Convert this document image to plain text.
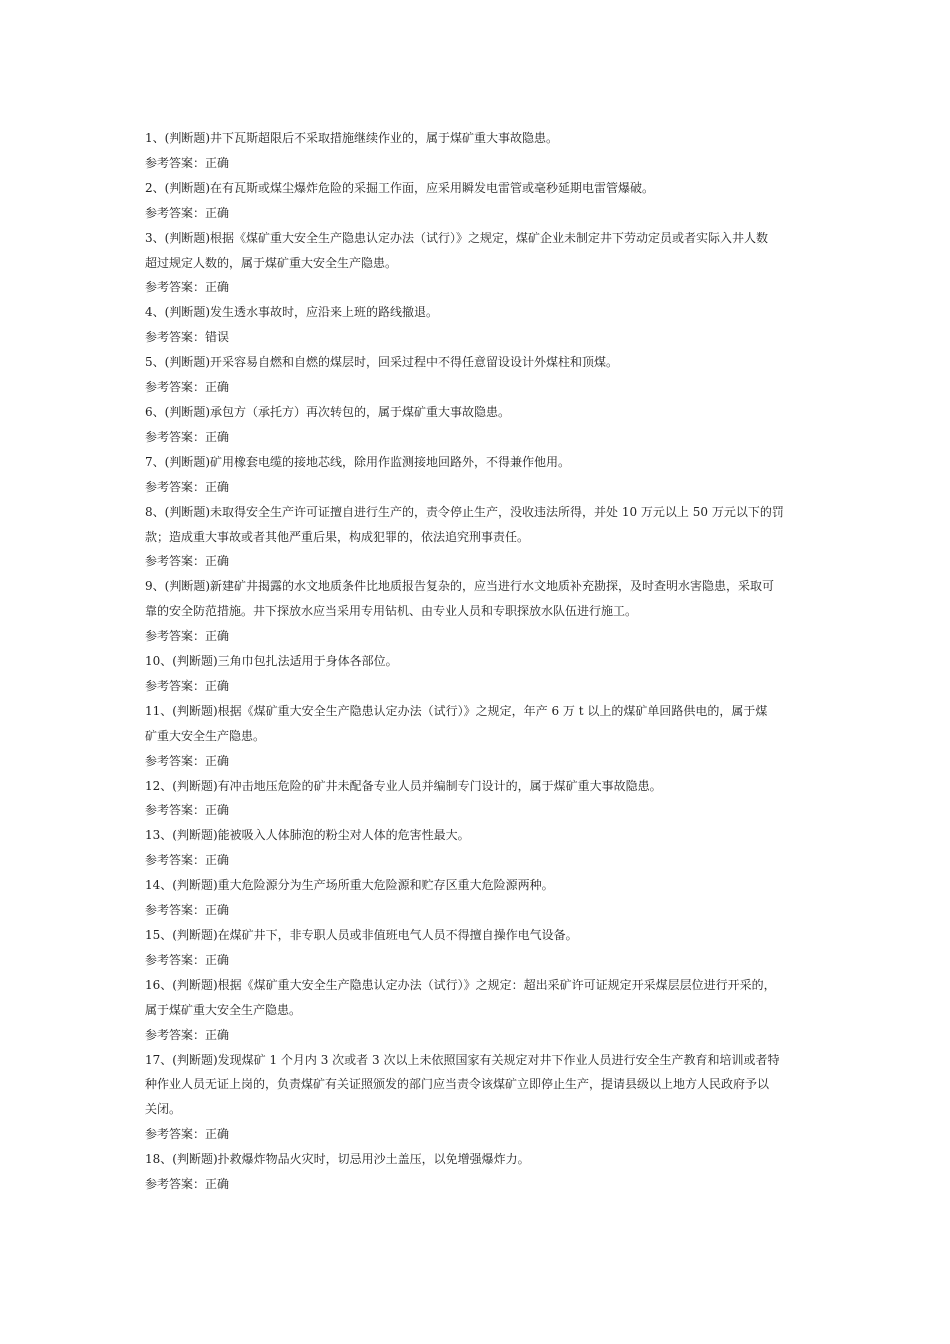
1、(判断题)井下瓦斯超限后不采取措施继续作业的，属于煤矿重大事故隐患。
参考答案：正确
2、(判断题)在有瓦斯或煤尘爆炸危险的采掘工作面，应采用瞬发电雷管或毫秒延期电雷管爆破。
参考答案：正确
3、(判断题)根据《煤矿重大安全生产隐患认定办法（试行）》之规定，煤矿企业未制定井下劳动定员或者实际入井人数
超过规定人数的，属于煤矿重大安全生产隐患。
参考答案：正确
4、(判断题)发生透水事故时，应沿来上班的路线撤退。
参考答案：错误
5、(判断题)开采容易自燃和自燃的煤层时，回采过程中不得任意留设设计外煤柱和顶煤。
参考答案：正确
6、(判断题)承包方（承托方）再次转包的，属于煤矿重大事故隐患。
参考答案：正确
7、(判断题)矿用橡套电缆的接地芯线，除用作监测接地回路外，不得兼作他用。
参考答案：正确
8、(判断题)未取得安全生产许可证擅自进行生产的，责令停止生产，没收违法所得，并处 10 万元以上 50 万元以下的罚
款；造成重大事故或者其他严重后果，构成犯罪的，依法追究刑事责任。
参考答案：正确
9、(判断题)新建矿井揭露的水文地质条件比地质报告复杂的，应当进行水文地质补充勘探，及时查明水害隐患，采取可
靠的安全防范措施。井下探放水应当采用专用钻机、由专业人员和专职探放水队伍进行施工。
参考答案：正确
10、(判断题)三角巾包扎法适用于身体各部位。
参考答案：正确
11、(判断题)根据《煤矿重大安全生产隐患认定办法（试行）》之规定，年产 6 万 t 以上的煤矿单回路供电的，属于煤
矿重大安全生产隐患。
参考答案：正确
12、(判断题)有冲击地压危险的矿井未配备专业人员并编制专门设计的，属于煤矿重大事故隐患。
参考答案：正确
13、(判断题)能被吸入人体肺泡的粉尘对人体的危害性最大。
参考答案：正确
14、(判断题)重大危险源分为生产场所重大危险源和贮存区重大危险源两种。
参考答案：正确
15、(判断题)在煤矿井下，非专职人员或非值班电气人员不得擅自操作电气设备。
参考答案：正确
16、(判断题)根据《煤矿重大安全生产隐患认定办法（试行）》之规定：超出采矿许可证规定开采煤层层位进行开采的，
属于煤矿重大安全生产隐患。
参考答案：正确
17、(判断题)发现煤矿 1 个月内 3 次或者 3 次以上未依照国家有关规定对井下作业人员进行安全生产教育和培训或者特
种作业人员无证上岗的，负责煤矿有关证照颁发的部门应当责令该煤矿立即停止生产，提请县级以上地方人民政府予以
关闭。
参考答案：正确
18、(判断题)扑救爆炸物品火灾时，切忌用沙土盖压，以免增强爆炸力。
参考答案：正确
